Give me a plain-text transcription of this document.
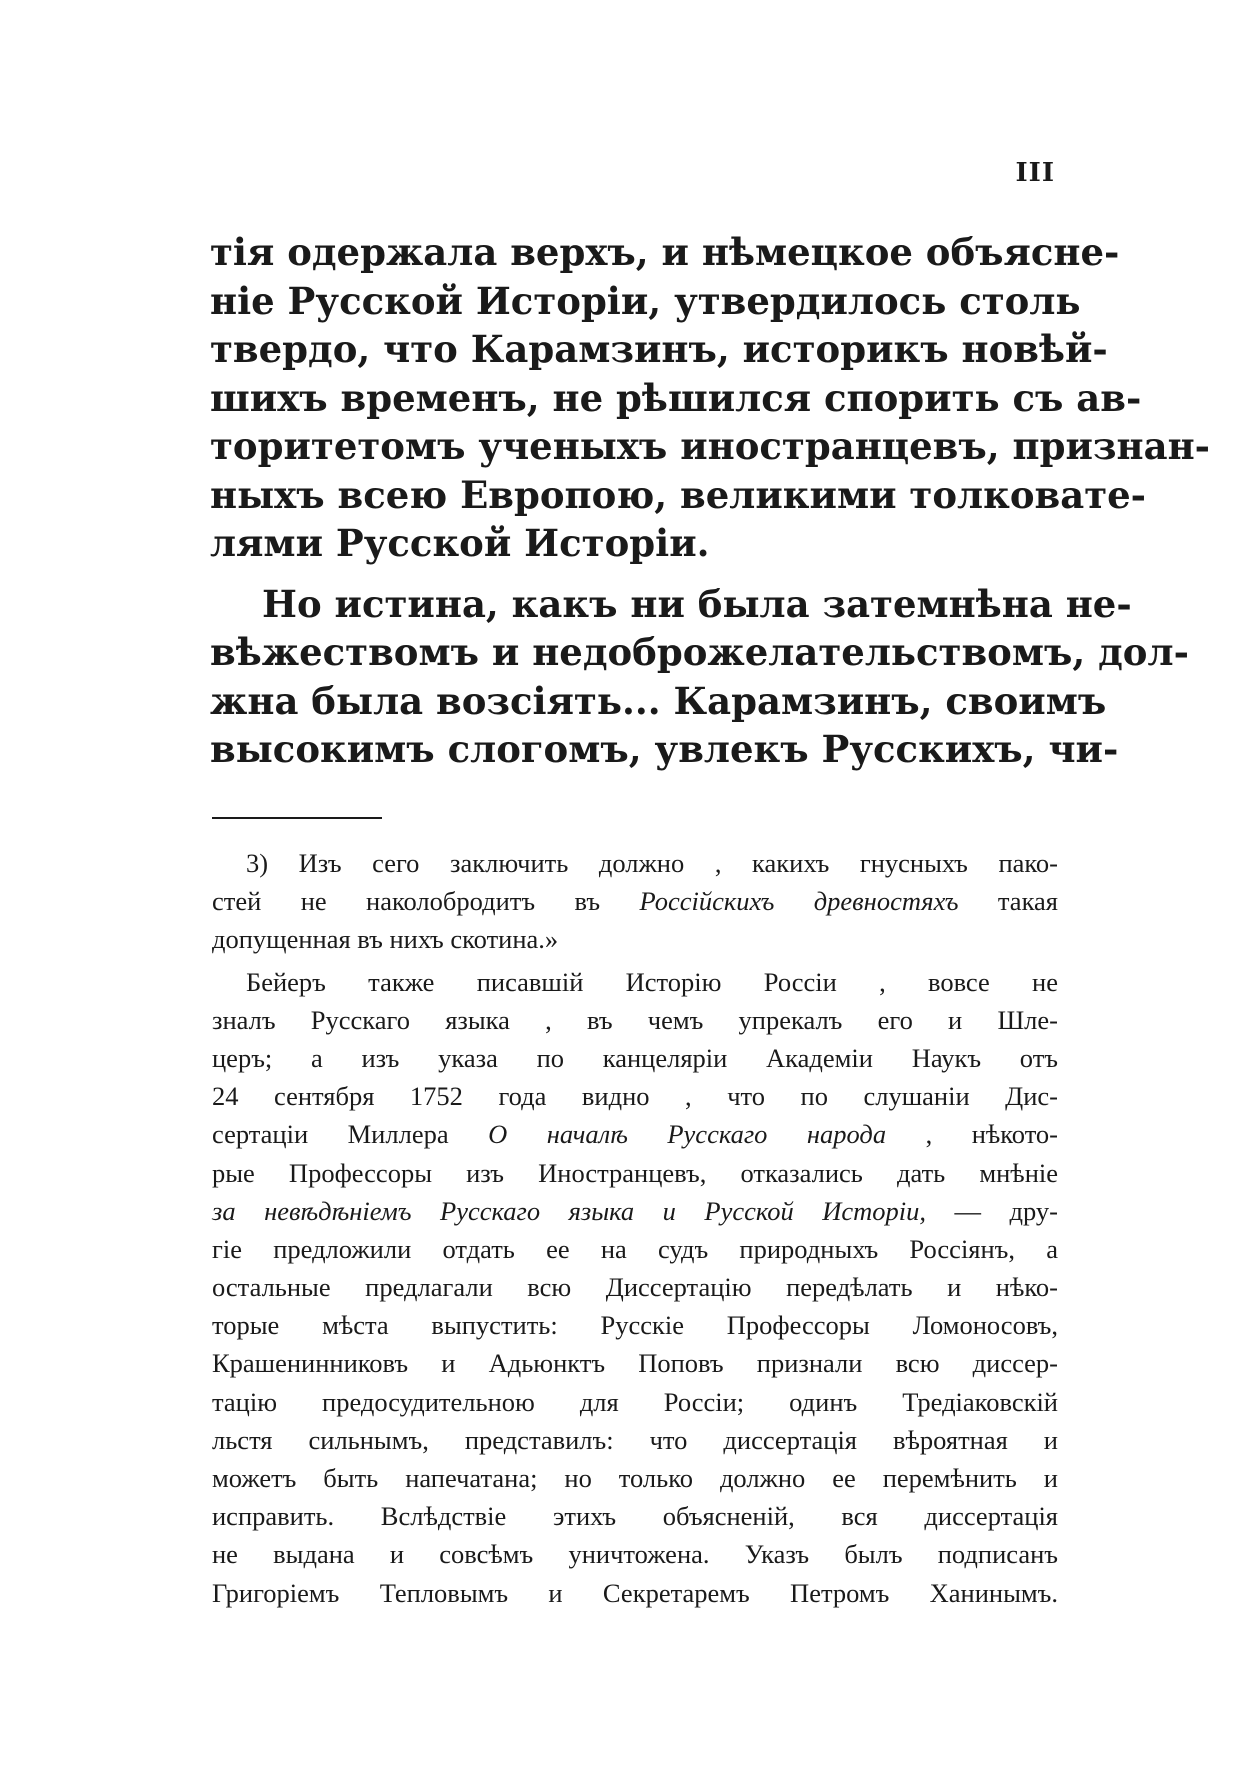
III
тія одержала верхъ, и нѣмецкое объясне-
ніе Русской Исторіи, утвердилось столь
твердо, что Карамзинъ, историкъ новѣй-
шихъ временъ, не рѣшился спорить съ ав-
торитетомъ ученыхъ иностранцевъ, признан-
ныхъ всею Европою, великими толковате-
лями Русской Исторіи.
Но истина, какъ ни была затемнѣна не-
вѣжествомъ и недоброжелательствомъ, дол-
жна была возсіять... Карамзинъ, своимъ
высокимъ слогомъ, увлекъ Русскихъ, чи-
3) Изъ сего заключить должно , какихъ гнусныхъ пако-
стей не наколобродитъ въ Россійскихъ древностяхъ такая
допущенная въ нихъ скотина.»
Бейеръ также писавшій Исторію Россіи , вовсе не
зналъ Русскаго языка , въ чемъ упрекалъ его и Шле-
церъ; а изъ указа по канцеляріи Академіи Наукъ отъ
24 сентября 1752 года видно , что по слушаніи Дис-
сертаціи Миллера О началѣ Русскаго народа , нѣкото-
рые Профессоры изъ Иностранцевъ, отказались дать мнѣніе
за невѣдѣніемъ Русскаго языка и Русской Исторіи, — дру-
гіе предложили отдать ее на судъ природныхъ Россіянъ, а
остальные предлагали всю Диссертацію передѣлать и нѣко-
торые мѣста выпустить: Русскіе Профессоры Ломоносовъ,
Крашенинниковъ и Адьюнктъ Поповъ признали всю диссер-
тацію предосудительною для Россіи; одинъ Тредіаковскій
льстя сильнымъ, представилъ: что диссертація вѣроятная и
можетъ быть напечатана; но только должно ее перемѣнить и
исправить. Вслѣдствіе этихъ объясненій, вся диссертація
не выдана и совсѣмъ уничтожена. Указъ былъ подписанъ
Григоріемъ Тепловымъ и Секретаремъ Петромъ Ханинымъ.
